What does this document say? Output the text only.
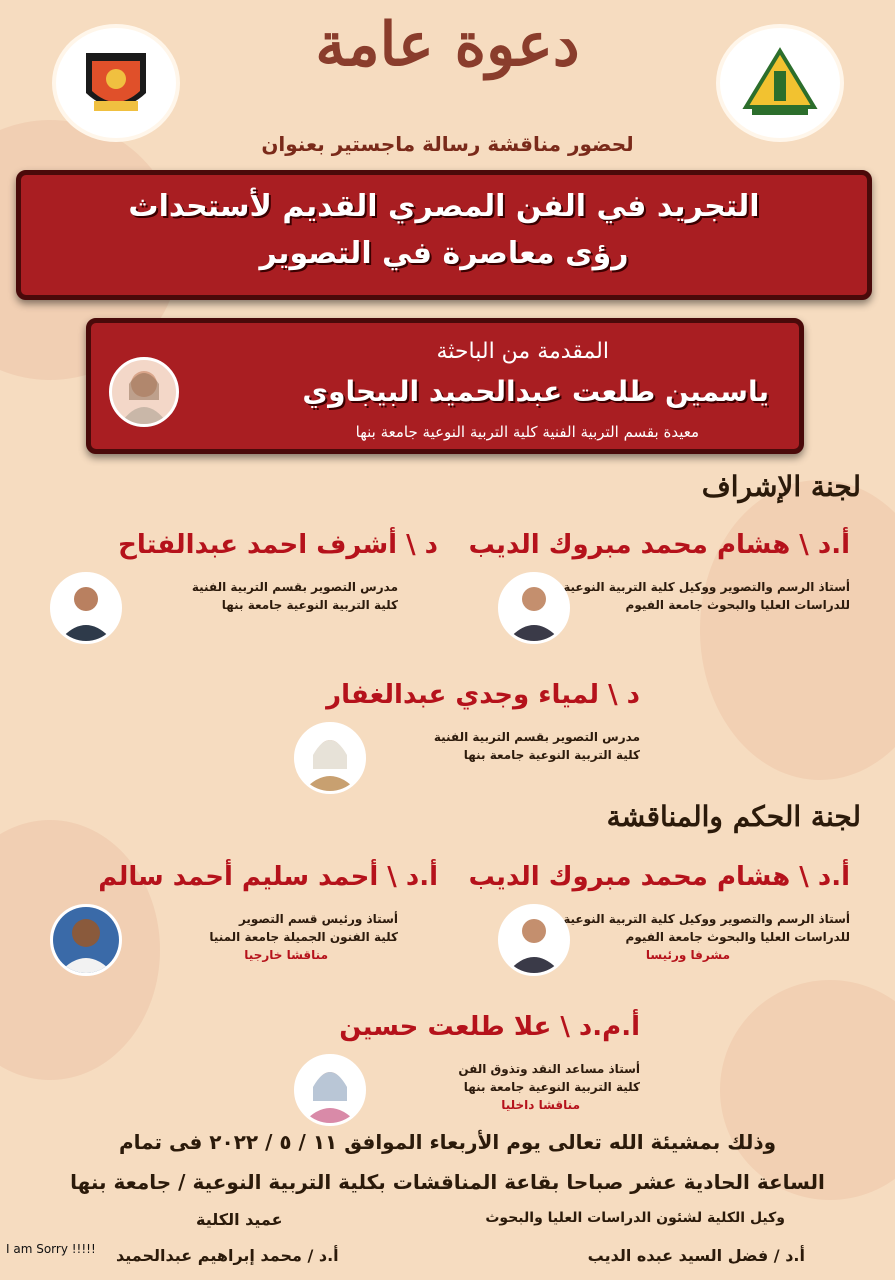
دعوة عامة
لحضور مناقشة رسالة ماجستير بعنوان
التجريد في الفن المصري القديم لأستحداث
رؤى معاصرة في التصوير
المقدمة من الباحثة
ياسمين طلعت عبدالحميد البيجاوي
معيدة بقسم التربية الفنية كلية التربية النوعية جامعة بنها
لجنة الإشراف
أ.د \ هشام محمد مبروك الديب
أستاذ الرسم والتصوير ووكيل كلية التربية النوعية
للدراسات العليا والبحوث جامعة الفيوم
د \ أشرف احمد عبدالفتاح
مدرس التصوير بقسم التربية الفنية
كلية التربية النوعية جامعة بنها
د \ لمياء وجدي عبدالغفار
مدرس التصوير بقسم التربية الفنية
كلية التربية النوعية جامعة بنها
لجنة الحكم والمناقشة
أ.د \ هشام محمد مبروك الديب
أستاذ الرسم والتصوير ووكيل كلية التربية النوعية
للدراسات العليا والبحوث جامعة الفيوم
مشرفا ورئيسا
أ.د \ أحمد سليم أحمد سالم
أستاذ ورئيس قسم التصوير
كلية الفنون الجميلة جامعة المنيا
مناقشا خارجيا
أ.م.د \ علا طلعت حسين
أستاذ مساعد النقد وتذوق الفن
كلية التربية النوعية جامعة بنها
مناقشا داخليا
وذلك بمشيئة الله تعالى يوم الأربعاء الموافق ١١ / ٥ / ٢٠٢٢ فى تمام
الساعة الحادية عشر صباحا بقاعة المناقشات بكلية التربية النوعية / جامعة بنها
وكيل الكلية لشئون الدراسات العليا والبحوث
أ.د / فضل السيد عبده الديب
عميد الكلية
أ.د / محمد إبراهيم عبدالحميد
I am Sorry !!!!!
